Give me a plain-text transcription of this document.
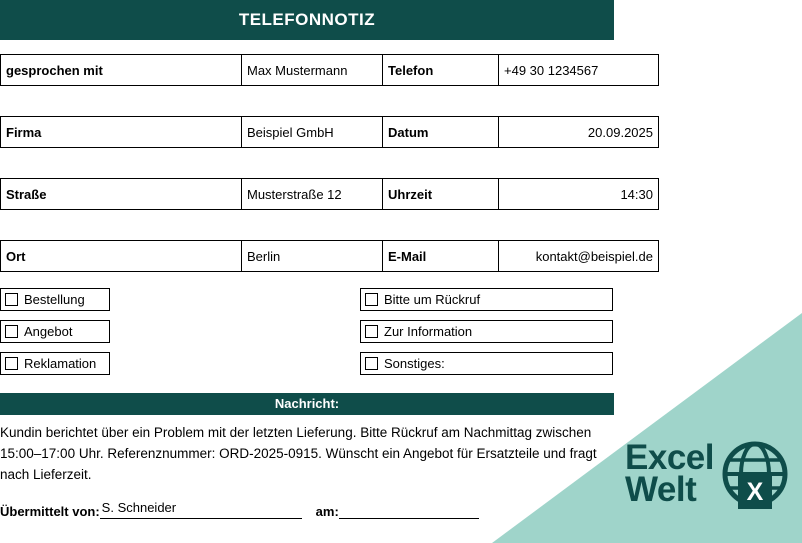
Excel
Welt	X
TELEFONNOTIZ
gesprochen mit	Max Mustermann	Telefon	+49 30 1234567

Firma	Beispiel GmbH	Datum	20.09.2025

Straße	Musterstraße 12	Uhrzeit	14:30

Ort	Berlin	E-Mail	kontakt@beispiel.de
Bestellung	Bitte um Rückruf
Angebot	Zur Information
Reklamation	Sonstiges:
Nachricht:
Kundin berichtet über ein Problem mit der letzten Lieferung. Bitte Rückruf am Nachmittag zwischen 15:00–17:00 Uhr. Referenznummer: ORD-2025-0915. Wünscht ein Angebot für Ersatzteile und fragt nach Lieferzeit.
Übermittelt von: S. Schneider	am:
